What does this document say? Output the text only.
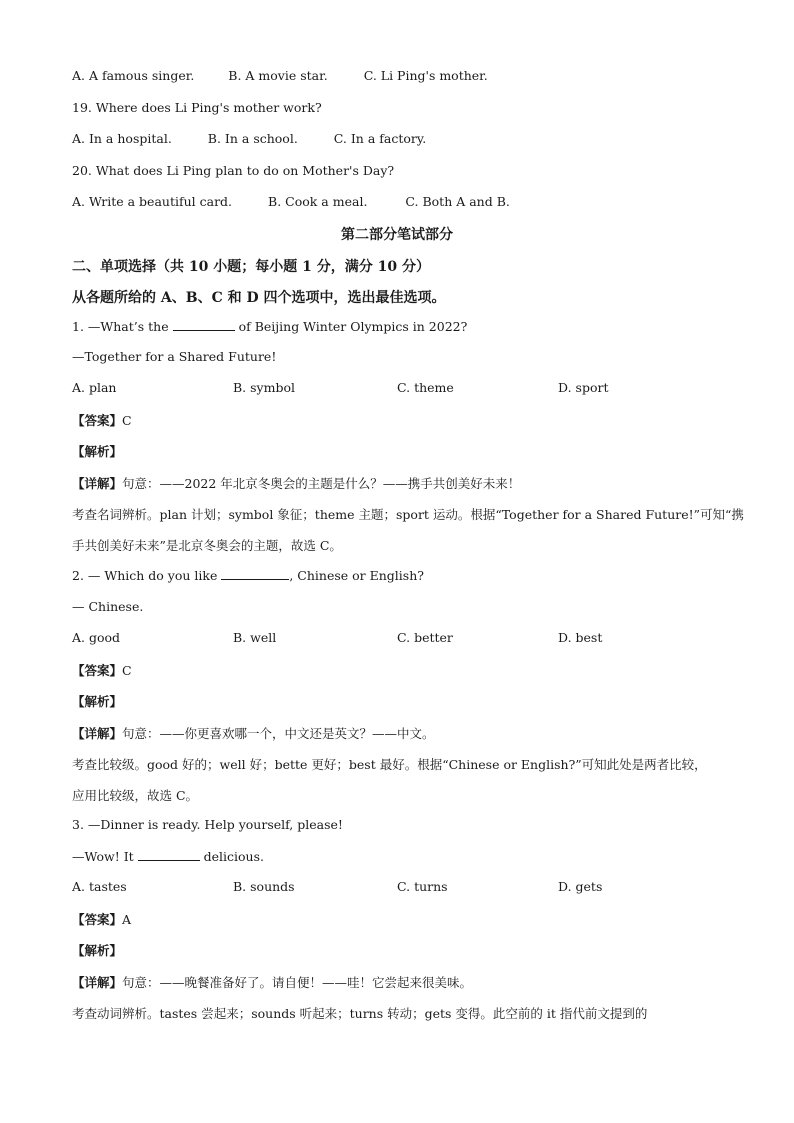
A. A famous singer.	B. A movie star.	C. Li Ping's mother.
19. Where does Li Ping's mother work?
A. In a hospital.	B. In a school.	C. In a factory.
20. What does Li Ping plan to do on Mother's Day?
A. Write a beautiful card.	B. Cook a meal.	C. Both A and B.
第二部分笔试部分
二、单项选择（共 10 小题；每小题 1 分，满分 10 分）
从各题所给的 A、B、C 和 D 四个选项中，选出最佳选项。
1. —What’s the	of Beijing Winter Olympics in 2022?
—Together for a Shared Future!
A. plan	B. symbol	C. theme	D. sport
【答案】C
【解析】
【详解】句意：——2022 年北京冬奥会的主题是什么？——携手共创美好未来！
考查名词辨析。plan 计划；symbol 象征；theme 主题；sport 运动。根据“Together for a Shared Future!”可知“携
手共创美好未来”是北京冬奥会的主题，故选 C。
2. — Which do you like	, Chinese or English?
— Chinese.
A. good	B. well	C. better	D. best
【答案】C
【解析】
【详解】句意：——你更喜欢哪一个，中文还是英文？——中文。
考查比较级。good 好的；well 好；bette 更好；best 最好。根据“Chinese or English?”可知此处是两者比较，
应用比较级，故选 C。
3. —Dinner is ready. Help yourself, please!
—Wow! It	delicious.
A. tastes	B. sounds	C. turns	D. gets
【答案】A
【解析】
【详解】句意：——晚餐准备好了。请自便！——哇！它尝起来很美味。
考查动词辨析。tastes 尝起来；sounds 听起来；turns 转动；gets 变得。此空前的 it 指代前文提到的
